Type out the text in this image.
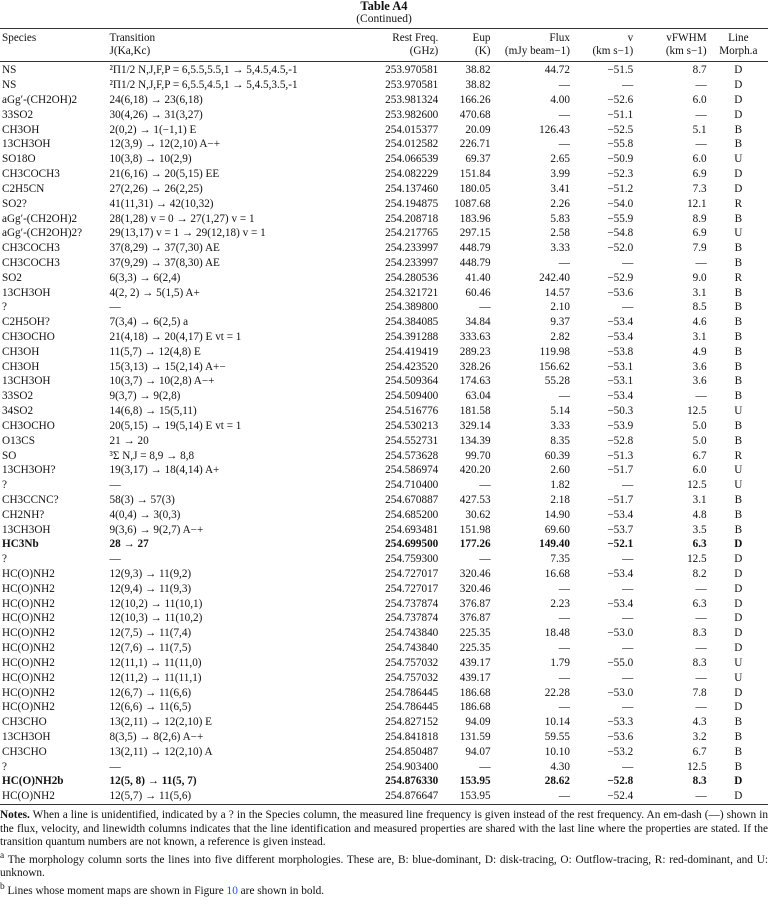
Table A4
(Continued)
Species	Transition	Rest Freq.	Eup	Flux	v	vFWHM	Line
	J(Ka,Kc)	(GHz)	(K)	(mJy beam−1)	(km s−1)	(km s−1)	Morph.a

NS	²Π1/2 N,J,F,P = 6,5.5,5.5,1 → 5,4.5,4.5,-1	253.970581	38.82	44.72	−51.5	8.7	D
NS	²Π1/2 N,J,F,P = 6,5.5,4.5,1 → 5,4.5,3.5,-1	253.970581	38.82	—	—	—	D
aGg′-(CH2OH)2	24(6,18) → 23(6,18)	253.981324	166.26	4.00	−52.6	6.0	D
33SO2	30(4,26) → 31(3,27)	253.982600	470.68	—	−51.1	—	D
CH3OH	2(0,2) → 1(−1,1) E	254.015377	20.09	126.43	−52.5	5.1	B
13CH3OH	12(3,9) → 12(2,10) A−+	254.012582	226.71	—	−55.8	—	B
SO18O	10(3,8) → 10(2,9)	254.066539	69.37	2.65	−50.9	6.0	U
CH3COCH3	21(6,16) → 20(5,15) EE	254.082229	151.84	3.99	−52.3	6.9	D
C2H5CN	27(2,26) → 26(2,25)	254.137460	180.05	3.41	−51.2	7.3	D
SO2?	41(11,31) → 42(10,32)	254.194875	1087.68	2.26	−54.0	12.1	R
aGg′-(CH2OH)2	28(1,28) v = 0 → 27(1,27) v = 1	254.208718	183.96	5.83	−55.9	8.9	B
aGg′-(CH2OH)2?	29(13,17) v = 1 → 29(12,18) v = 1	254.217765	297.15	2.58	−54.8	6.9	U
CH3COCH3	37(8,29) → 37(7,30) AE	254.233997	448.79	3.33	−52.0	7.9	B
CH3COCH3	37(9,29) → 37(8,30) AE	254.233997	448.79	—	—	—	B
SO2	6(3,3) → 6(2,4)	254.280536	41.40	242.40	−52.9	9.0	R
13CH3OH	4(2, 2) → 5(1,5) A+	254.321721	60.46	14.57	−53.6	3.1	B
?	—	254.389800	—	2.10	—	8.5	B
C2H5OH?	7(3,4) → 6(2,5) a	254.384085	34.84	9.37	−53.4	4.6	B
CH3OCHO	21(4,18) → 20(4,17) E vt = 1	254.391288	333.63	2.82	−53.4	3.1	B
CH3OH	11(5,7) → 12(4,8) E	254.419419	289.23	119.98	−53.8	4.9	B
CH3OH	15(3,13) → 15(2,14) A+−	254.423520	328.26	156.62	−53.1	3.6	B
13CH3OH	10(3,7) → 10(2,8) A−+	254.509364	174.63	55.28	−53.1	3.6	B
33SO2	9(3,7) → 9(2,8)	254.509400	63.04	—	−53.4	—	B
34SO2	14(6,8) → 15(5,11)	254.516776	181.58	5.14	−50.3	12.5	U
CH3OCHO	20(5,15) → 19(5,14) E vt = 1	254.530213	329.14	3.33	−53.9	5.0	B
O13CS	21 → 20	254.552731	134.39	8.35	−52.8	5.0	B
SO	³Σ N,J = 8,9 → 8,8	254.573628	99.70	60.39	−51.3	6.7	R
13CH3OH?	19(3,17) → 18(4,14) A+	254.586974	420.20	2.60	−51.7	6.0	U
?	—	254.710400	—	1.82	—	12.5	U
CH3CCNC?	58(3) → 57(3)	254.670887	427.53	2.18	−51.7	3.1	B
CH2NH?	4(0,4) → 3(0,3)	254.685200	30.62	14.90	−53.4	4.8	B
13CH3OH	9(3,6) → 9(2,7) A−+	254.693481	151.98	69.60	−53.7	3.5	B
HC3Nb	28 → 27	254.699500	177.26	149.40	−52.1	6.3	D
?	—	254.759300	—	7.35	—	12.5	D
HC(O)NH2	12(9,3) → 11(9,2)	254.727017	320.46	16.68	−53.4	8.2	D
HC(O)NH2	12(9,4) → 11(9,3)	254.727017	320.46	—	—	—	D
HC(O)NH2	12(10,2) → 11(10,1)	254.737874	376.87	2.23	−53.4	6.3	D
HC(O)NH2	12(10,3) → 11(10,2)	254.737874	376.87	—	—	—	D
HC(O)NH2	12(7,5) → 11(7,4)	254.743840	225.35	18.48	−53.0	8.3	D
HC(O)NH2	12(7,6) → 11(7,5)	254.743840	225.35	—	—	—	D
HC(O)NH2	12(11,1) → 11(11,0)	254.757032	439.17	1.79	−55.0	8.3	U
HC(O)NH2	12(11,2) → 11(11,1)	254.757032	439.17	—	—	—	U
HC(O)NH2	12(6,7) → 11(6,6)	254.786445	186.68	22.28	−53.0	7.8	D
HC(O)NH2	12(6,6) → 11(6,5)	254.786445	186.68	—	—	—	D
CH3CHO	13(2,11) → 12(2,10) E	254.827152	94.09	10.14	−53.3	4.3	B
13CH3OH	8(3,5) → 8(2,6) A−+	254.841818	131.59	59.55	−53.6	3.2	B
CH3CHO	13(2,11) → 12(2,10) A	254.850487	94.07	10.10	−53.2	6.7	B
?	—	254.903400	—	4.30	—	12.5	B
HC(O)NH2b	12(5, 8) → 11(5, 7)	254.876330	153.95	28.62	−52.8	8.3	D
HC(O)NH2	12(5,7) → 11(5,6)	254.876647	153.95	—	−52.4	—	D

Notes. When a line is unidentified, indicated by a ? in the Species column, the measured line frequency is given instead of the rest frequency. An em-dash (—) shown in the flux, velocity, and linewidth columns indicates that the line identification and measured properties are shared with the last line where the properties are stated. If the transition quantum numbers are not known, a reference is given instead.

$^a$ The morphology column sorts the lines into five different morphologies. These are, B: blue-dominant, D: disk-tracing, O: Outflow-tracing, R: red-dominant, and U: unknown.

$^b$ Lines whose moment maps are shown in Figure 10 are shown in bold.
